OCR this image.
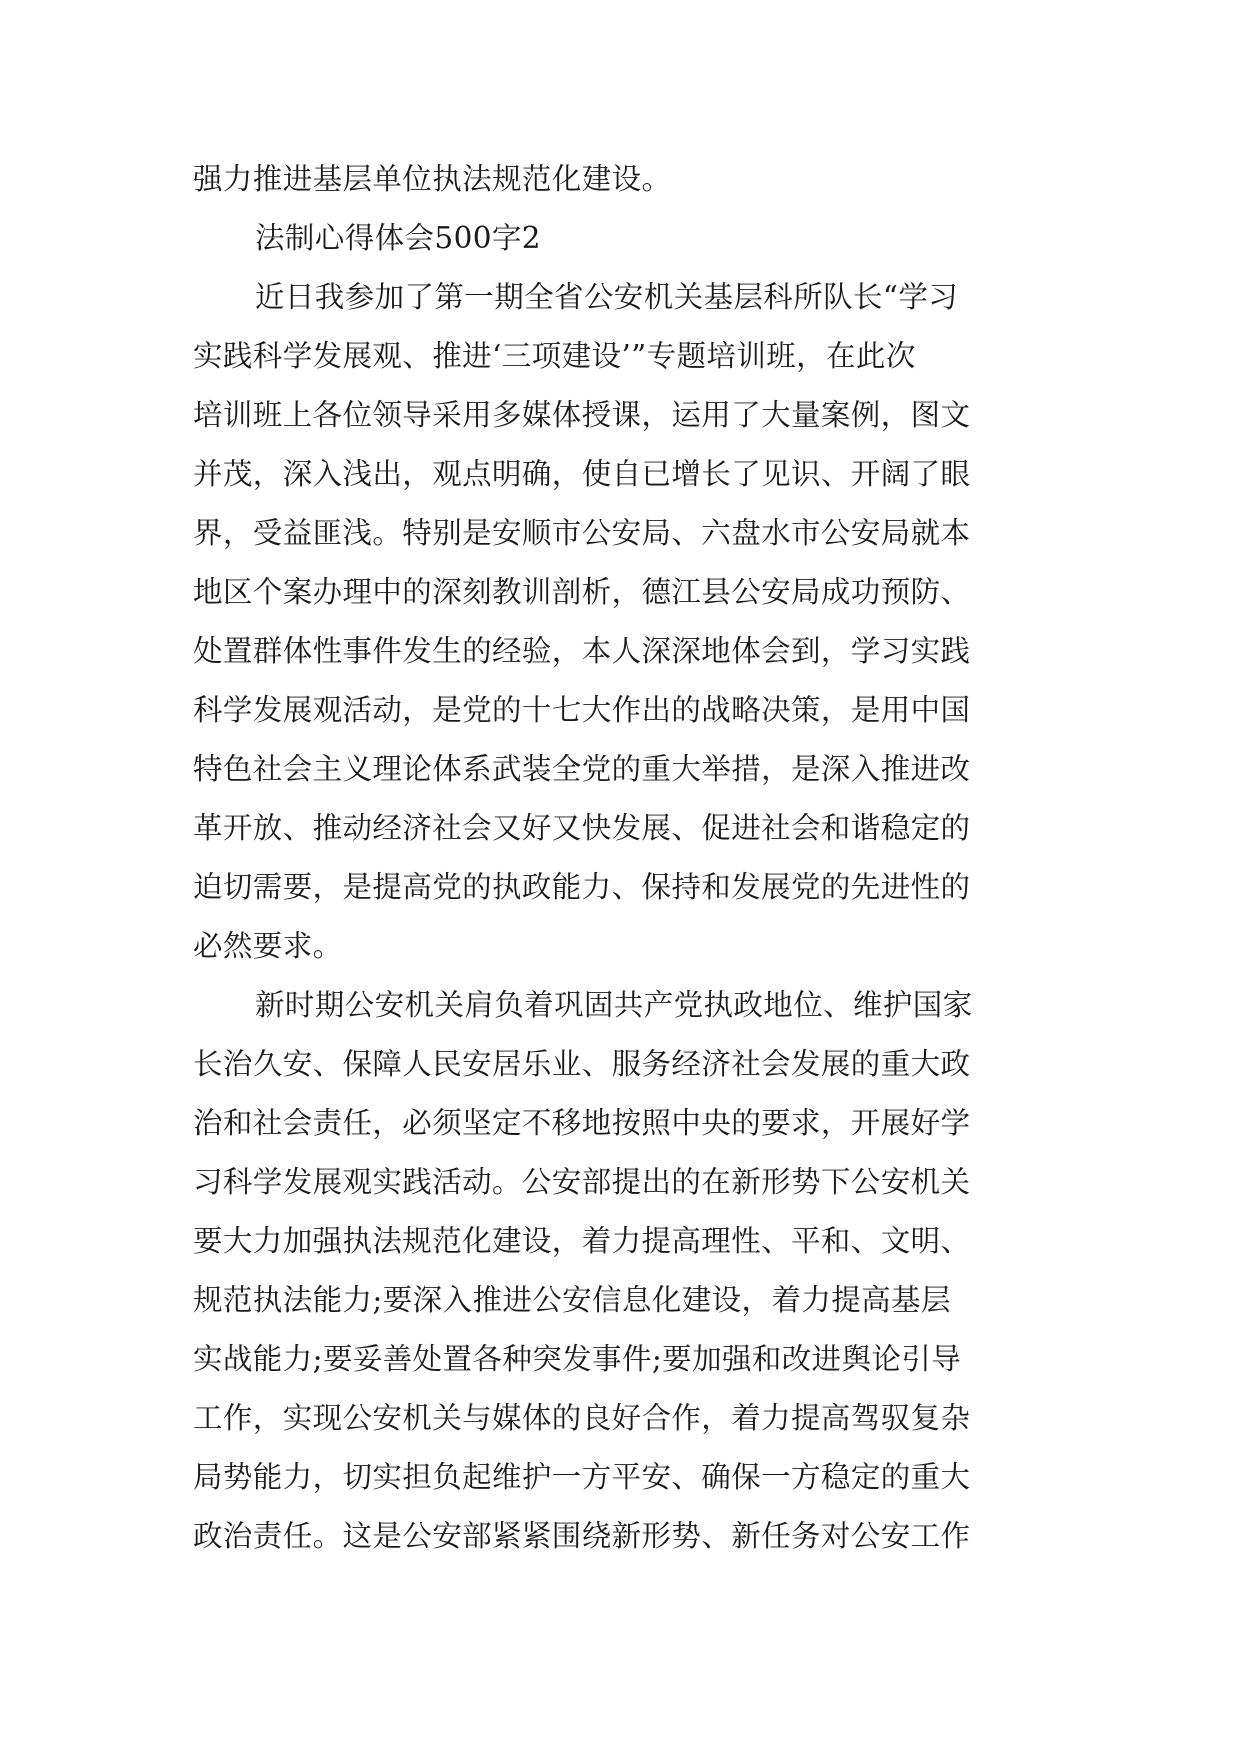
强力推进基层单位执法规范化建设。
法制心得体会500字2
近日我参加了第一期全省公安机关基层科所队长“学习
实践科学发展观、推进‘三项建设’”专题培训班，在此次
培训班上各位领导采用多媒体授课，运用了大量案例，图文
并茂，深入浅出，观点明确，使自已增长了见识、开阔了眼
界，受益匪浅。特别是安顺市公安局、六盘水市公安局就本
地区个案办理中的深刻教训剖析，德江县公安局成功预防、
处置群体性事件发生的经验，本人深深地体会到，学习实践
科学发展观活动，是党的十七大作出的战略决策，是用中国
特色社会主义理论体系武装全党的重大举措，是深入推进改
革开放、推动经济社会又好又快发展、促进社会和谐稳定的
迫切需要，是提高党的执政能力、保持和发展党的先进性的
必然要求。
新时期公安机关肩负着巩固共产党执政地位、维护国家
长治久安、保障人民安居乐业、服务经济社会发展的重大政
治和社会责任，必须坚定不移地按照中央的要求，开展好学
习科学发展观实践活动。公安部提出的在新形势下公安机关
要大力加强执法规范化建设，着力提高理性、平和、文明、
规范执法能力;要深入推进公安信息化建设，着力提高基层
实战能力;要妥善处置各种突发事件;要加强和改进舆论引导
工作，实现公安机关与媒体的良好合作，着力提高驾驭复杂
局势能力，切实担负起维护一方平安、确保一方稳定的重大
政治责任。这是公安部紧紧围绕新形势、新任务对公安工作
